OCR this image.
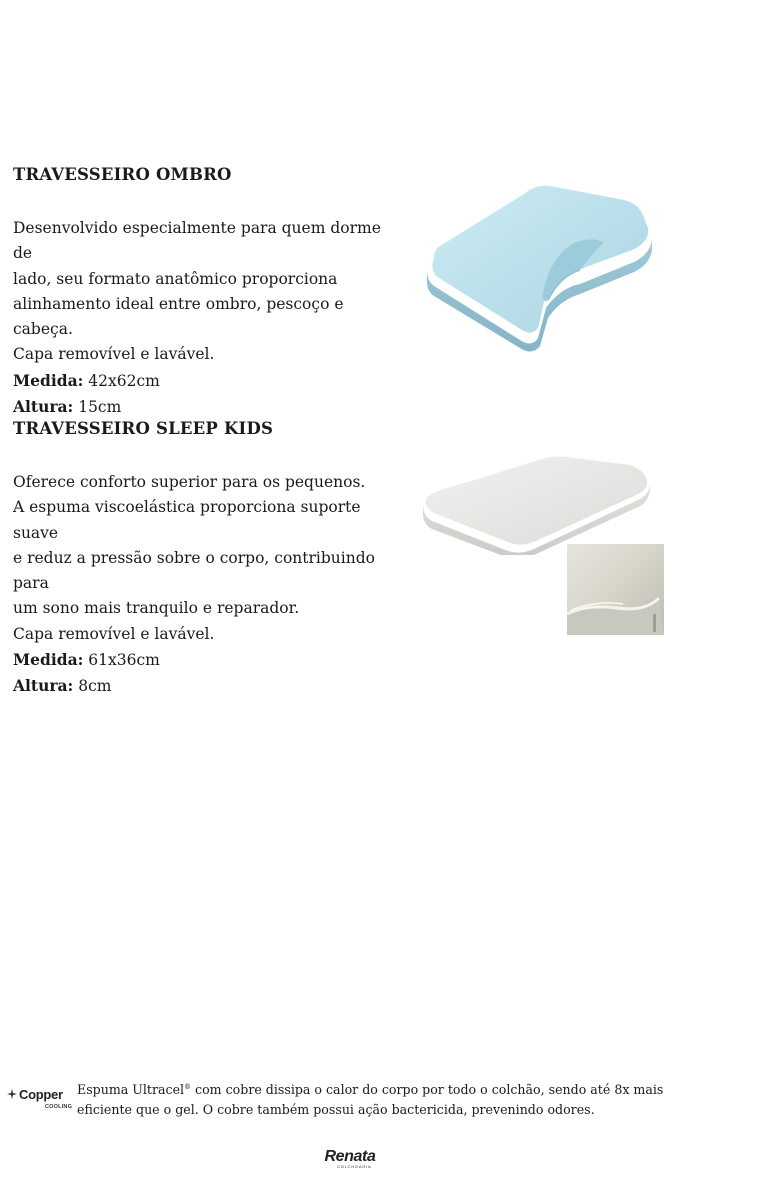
TRAVESSEIRO OMBRO

Desenvolvido especialmente para quem dorme de

lado, seu formato anatômico proporciona

alinhamento ideal entre ombro, pescoço e cabeça.

Capa removível e lavável.

Medida: 42x62cm
Altura: 15cm
TRAVESSEIRO SLEEP KIDS

Oferece conforto superior para os pequenos.

A espuma viscoelástica proporciona suporte suave

e reduz a pressão sobre o corpo, contribuindo para

um sono mais tranquilo e reparador.

Capa removível e lavável.

Medida: 61x36cm
Altura: 8cm
Copper
COOLING
Espuma Ultracel® com cobre dissipa o calor do corpo por todo o colchão, sendo até 8x mais
eficiente que o gel. O cobre também possui ação bactericida, prevenindo odores.
Renata
COLCHOARIA
